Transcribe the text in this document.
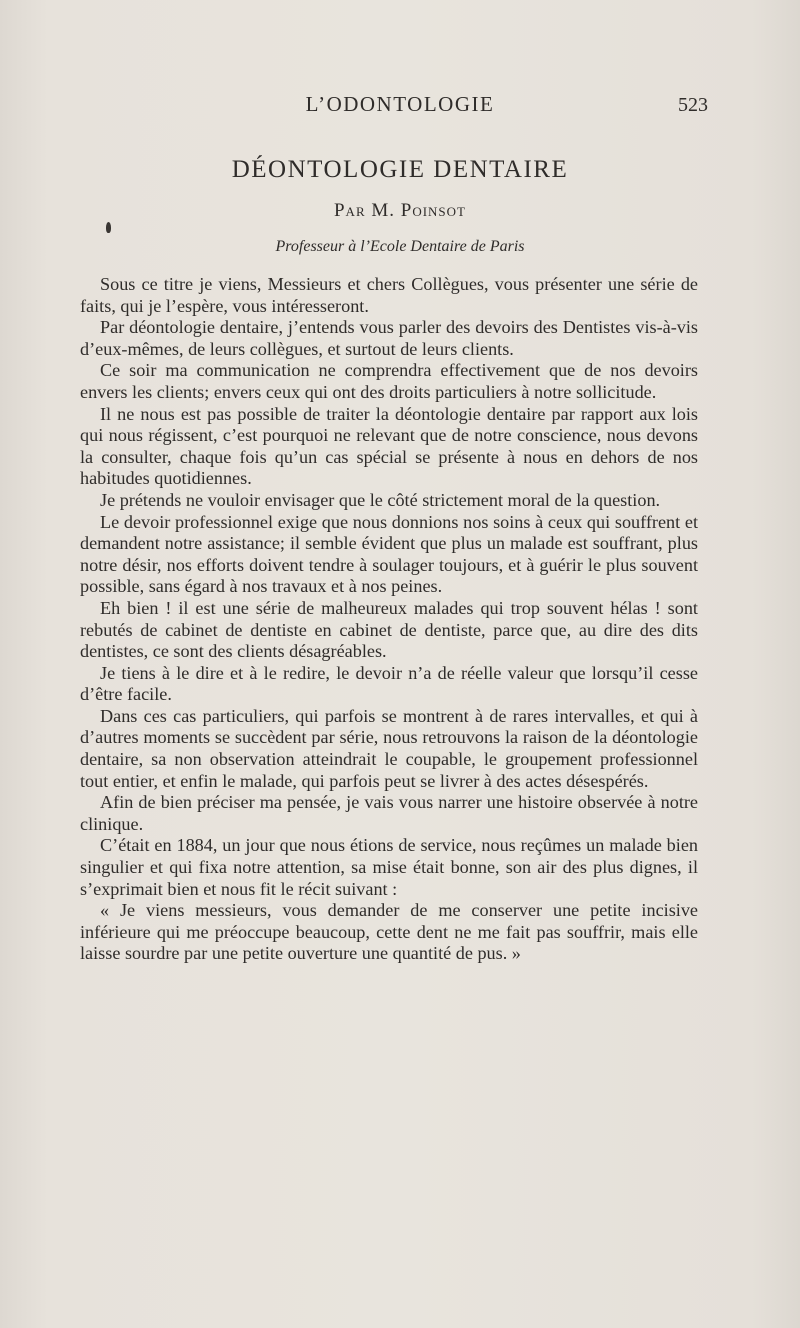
L’ODONTOLOGIE	523
DÉONTOLOGIE DENTAIRE
Par M. Poinsot
Professeur à l’Ecole Dentaire de Paris

Sous ce titre je viens, Messieurs et chers Collègues, vous présenter une série de faits, qui je l’espère, vous intéresseront.

Par déontologie dentaire, j’entends vous parler des devoirs des Dentistes vis-à-vis d’eux-mêmes, de leurs collègues, et surtout de leurs clients.

Ce soir ma communication ne comprendra effectivement que de nos devoirs envers les clients; envers ceux qui ont des droits particuliers à notre sollicitude.

Il ne nous est pas possible de traiter la déontologie dentaire par rapport aux lois qui nous régissent, c’est pourquoi ne relevant que de notre conscience, nous devons la consulter, chaque fois qu’un cas spécial se présente à nous en dehors de nos habitudes quotidiennes.

Je prétends ne vouloir envisager que le côté strictement moral de la question.

Le devoir professionnel exige que nous donnions nos soins à ceux qui souffrent et demandent notre assistance; il semble évident que plus un malade est souffrant, plus notre désir, nos efforts doivent tendre à soulager toujours, et à guérir le plus souvent possible, sans égard à nos travaux et à nos peines.

Eh bien ! il est une série de malheureux malades qui trop souvent hélas ! sont rebutés de cabinet de dentiste en cabinet de dentiste, parce que, au dire des dits dentistes, ce sont des clients désagréables.

Je tiens à le dire et à le redire, le devoir n’a de réelle valeur que lorsqu’il cesse d’être facile.

Dans ces cas particuliers, qui parfois se montrent à de rares intervalles, et qui à d’autres moments se succèdent par série, nous retrouvons la raison de la déontologie dentaire, sa non observation atteindrait le coupable, le groupement professionnel tout entier, et enfin le malade, qui parfois peut se livrer à des actes désespérés.

Afin de bien préciser ma pensée, je vais vous narrer une histoire observée à notre clinique.

C’était en 1884, un jour que nous étions de service, nous reçûmes un malade bien singulier et qui fixa notre attention, sa mise était bonne, son air des plus dignes, il s’exprimait bien et nous fit le récit suivant :

« Je viens messieurs, vous demander de me conserver une petite incisive inférieure qui me préoccupe beaucoup, cette dent ne me fait pas souffrir, mais elle laisse sourdre par une petite ouverture une quantité de pus. »
